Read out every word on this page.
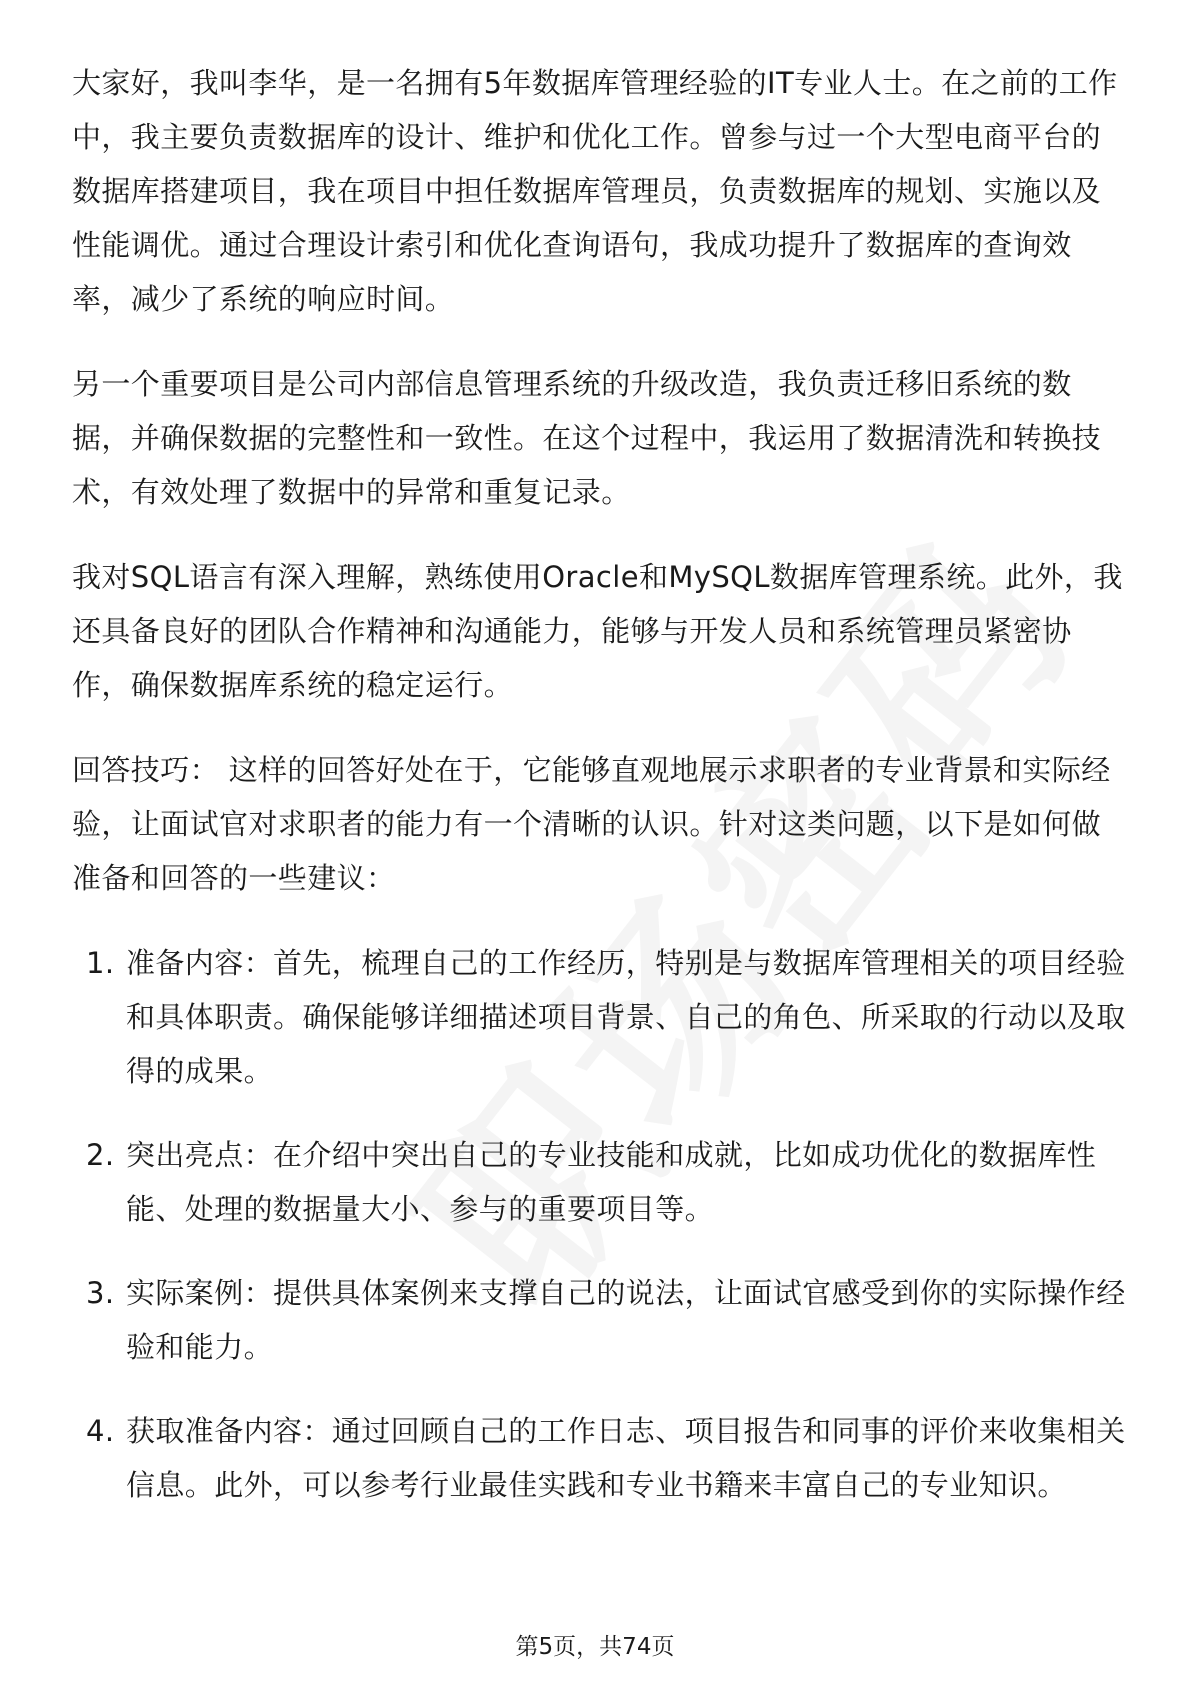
大家好，我叫李华，是一名拥有5年数据库管理经验的IT专业人士。在之前的工作中，我主要负责数据库的设计、维护和优化工作。曾参与过一个大型电商平台的数据库搭建项目，我在项目中担任数据库管理员，负责数据库的规划、实施以及性能调优。通过合理设计索引和优化查询语句，我成功提升了数据库的查询效率，减少了系统的响应时间。

另一个重要项目是公司内部信息管理系统的升级改造，我负责迁移旧系统的数据，并确保数据的完整性和一致性。在这个过程中，我运用了数据清洗和转换技术，有效处理了数据中的异常和重复记录。

我对SQL语言有深入理解，熟练使用Oracle和MySQL数据库管理系统。此外，我还具备良好的团队合作精神和沟通能力，能够与开发人员和系统管理员紧密协作，确保数据库系统的稳定运行。

回答技巧： 这样的回答好处在于，它能够直观地展示求职者的专业背景和实际经验，让面试官对求职者的能力有一个清晰的认识。针对这类问题，以下是如何做准备和回答的一些建议：

1. 准备内容：首先，梳理自己的工作经历，特别是与数据库管理相关的项目经验和具体职责。确保能够详细描述项目背景、自己的角色、所采取的行动以及取得的成果。
2. 突出亮点：在介绍中突出自己的专业技能和成就，比如成功优化的数据库性能、处理的数据量大小、参与的重要项目等。
3. 实际案例：提供具体案例来支撑自己的说法，让面试官感受到你的实际操作经验和能力。
4. 获取准备内容：通过回顾自己的工作日志、项目报告和同事的评价来收集相关信息。此外，可以参考行业最佳实践和专业书籍来丰富自己的专业知识。
第5页，共74页
